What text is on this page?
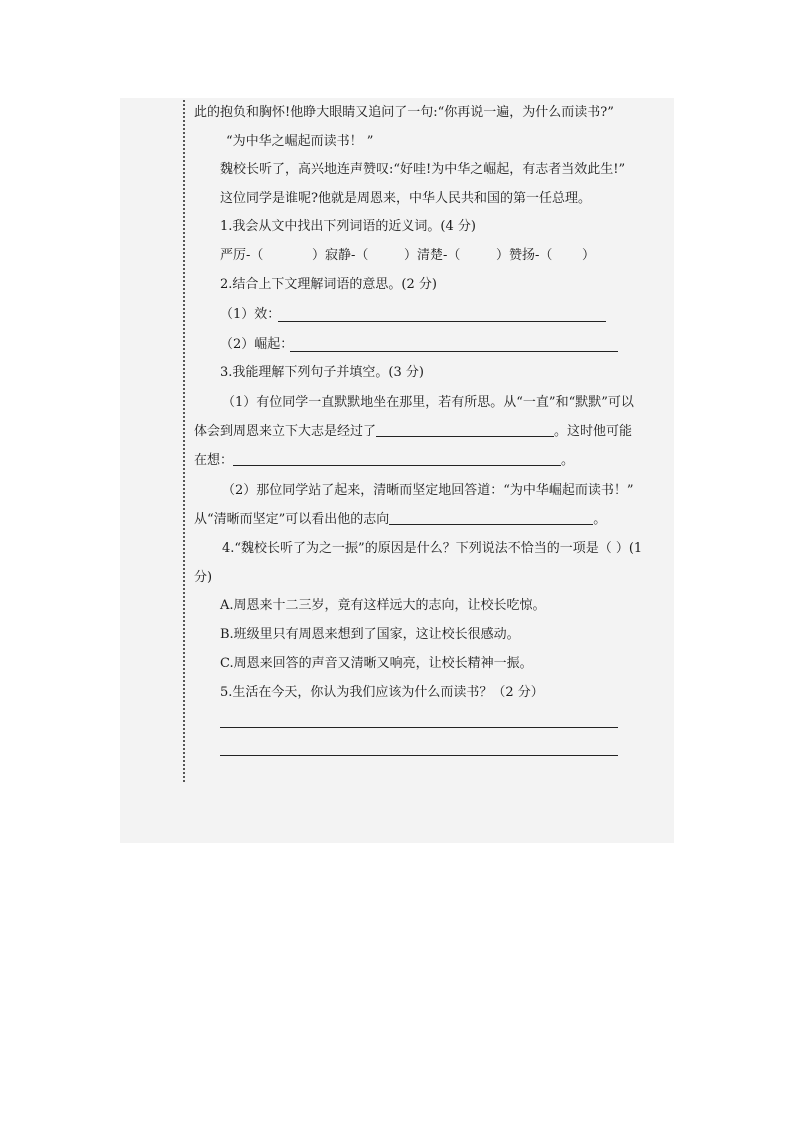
此的抱负和胸怀!他睁大眼睛又追问了一句:“你再说一遍，为什么而读书?”
“为中华之崛起而读书！ ”
魏校长听了，高兴地连声赞叹:“好哇!为中华之崛起，有志者当效此生!”
这位同学是谁呢?他就是周恩来，中华人民共和国的第一任总理。
1.我会从文中找出下列词语的近义词。(4 分)
严厉-（	）寂静-（	）清楚-（	）赞扬-（ ）
2.结合上下文理解词语的意思。(2 分)
（1）效：
（2）崛起：
3.我能理解下列句子并填空。(3 分)
（1）有位同学一直默默地坐在那里，若有所思。从“一直”和“默默”可以
体会到周恩来立下大志是经过了	。这时他可能
在想：	。
（2）那位同学站了起来，清晰而坚定地回答道：“为中华崛起而读书！”
从“清晰而坚定”可以看出他的志向	。
4.“魏校长听了为之一振”的原因是什么？下列说法不恰当的一项是（ ）(1
分)
A.周恩来十二三岁，竟有这样远大的志向，让校长吃惊。
B.班级里只有周恩来想到了国家，这让校长很感动。
C.周恩来回答的声音又清晰又响亮，让校长精神一振。
5.生活在今天，你认为我们应该为什么而读书？（2 分）
